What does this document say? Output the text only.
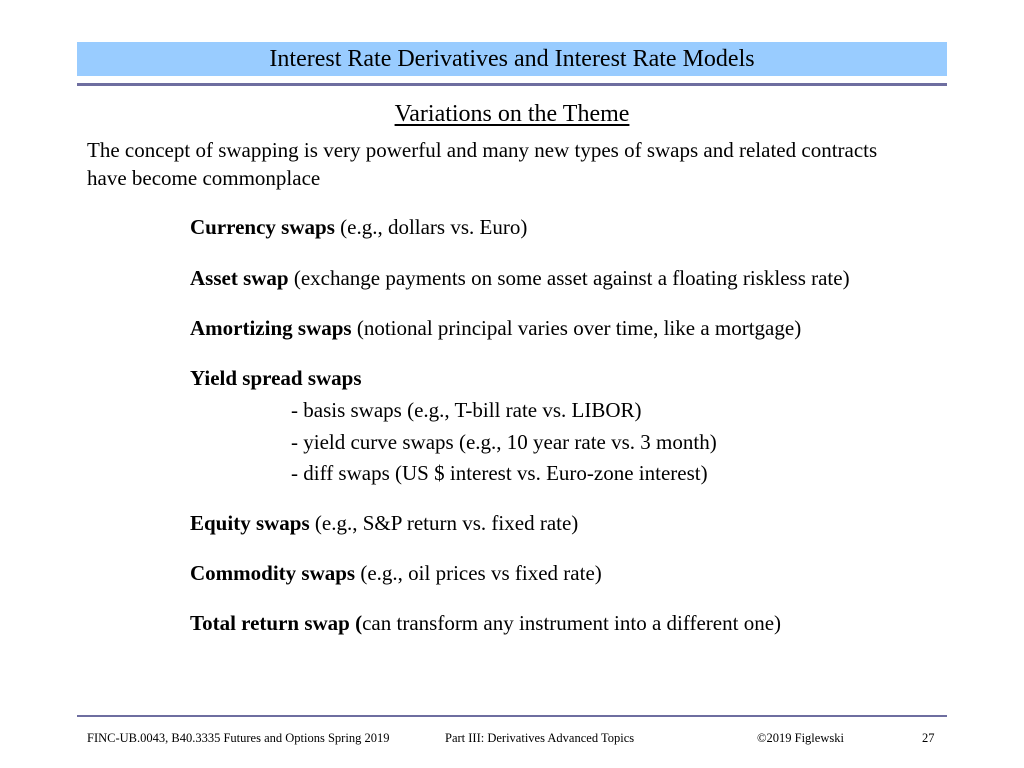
Interest Rate Derivatives and Interest Rate Models
Variations on the Theme
The concept of swapping is very powerful and many new types of swaps and related contracts have become commonplace
Currency swaps (e.g., dollars vs. Euro)
Asset swap (exchange payments on some asset against a floating riskless rate)
Amortizing swaps (notional principal varies over time, like a mortgage)
Yield spread swaps
- basis swaps (e.g., T-bill rate vs. LIBOR)
- yield curve swaps (e.g., 10 year rate vs. 3 month)
- diff swaps (US $ interest vs. Euro-zone interest)
Equity swaps (e.g., S&P return vs. fixed rate)
Commodity swaps (e.g., oil prices vs fixed rate)
Total return swap (can transform any instrument into a different one)
FINC-UB.0043, B40.3335 Futures and Options Spring 2019	Part III: Derivatives Advanced Topics	©2019 Figlewski	27
